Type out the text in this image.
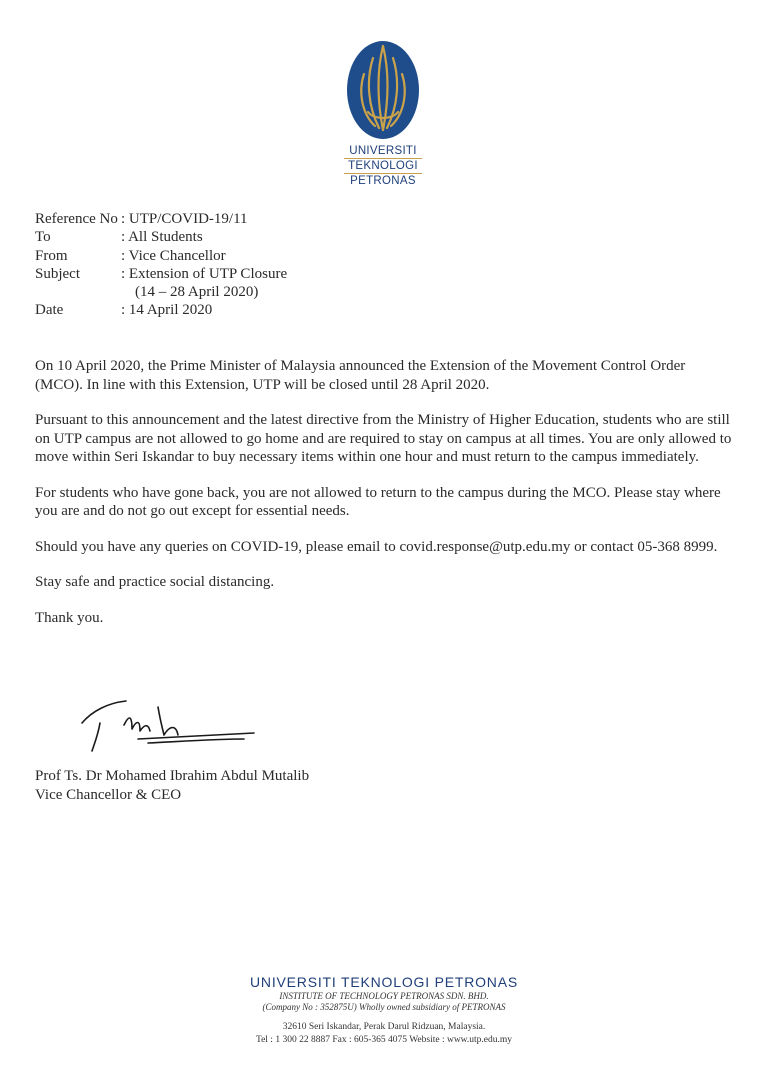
UNIVERSITI
TEKNOLOGI
PETRONAS
Reference No : UTP/COVID-19/11
To	: All Students
From	: Vice Chancellor
Subject	: Extension of UTP Closure
(14 – 28 April 2020)
Date	: 14 April 2020

On 10 April 2020, the Prime Minister of Malaysia announced the Extension of the Movement Control Order (MCO). In line with this Extension, UTP will be closed until 28 April 2020.

Pursuant to this announcement and the latest directive from the Ministry of Higher Education, students who are still on UTP campus are not allowed to go home and are required to stay on campus at all times. You are only allowed to move within Seri Iskandar to buy necessary items within one hour and must return to the campus immediately.

For students who have gone back, you are not allowed to return to the campus during the MCO. Please stay where you are and do not go out except for essential needs.

Should you have any queries on COVID-19, please email to covid.response@utp.edu.my or contact 05-368 8999.

Stay safe and practice social distancing.

Thank you.

Prof Ts. Dr Mohamed Ibrahim Abdul Mutalib
Vice Chancellor & CEO
UNIVERSITI TEKNOLOGI PETRONAS
INSTITUTE OF TECHNOLOGY PETRONAS SDN. BHD.
(Company No : 352875U) Wholly owned subsidiary of PETRONAS
32610 Seri Iskandar, Perak Darul Ridzuan, Malaysia.
Tel : 1 300 22 8887 Fax : 605-365 4075 Website : www.utp.edu.my
